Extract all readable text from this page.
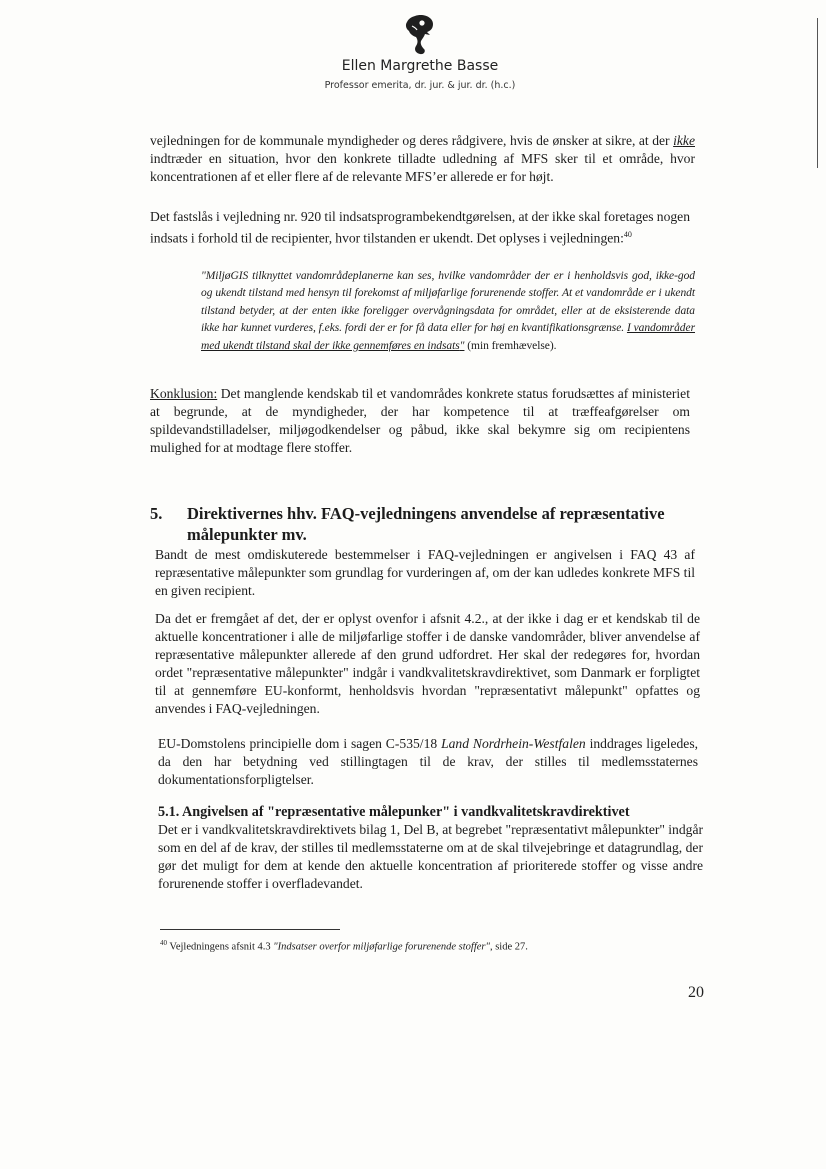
Ellen Margrethe Basse
Professor emerita, dr. jur. & jur. dr. (h.c.)

vejledningen for de kommunale myndigheder og deres rådgivere, hvis de ønsker at sikre, at der ikke indtræder en situation, hvor den konkrete tilladte udledning af MFS sker til et område, hvor koncentrationen af et eller flere af de relevante MFS’er allerede er for højt.

Det fastslås i vejledning nr. 920 til indsatsprogrambekendtgørelsen, at der ikke skal foretages nogen indsats i forhold til de recipienter, hvor tilstanden er ukendt. Det oplyses i vejledningen:$^{40}$

"MiljøGIS tilknyttet vandområdeplanerne kan ses, hvilke vandområder der er i henholdsvis god, ikke-god og ukendt tilstand med hensyn til forekomst af miljøfarlige forurenende stoffer. At et vandområde er i ukendt tilstand betyder, at der enten ikke foreligger overvågningsdata for området, eller at de eksisterende data ikke har kunnet vurderes, f.eks. fordi der er for få data eller for høj en kvantifikationsgrænse. I vandområder med ukendt tilstand skal der ikke gennemføres en indsats" (min fremhævelse).

Konklusion: Det manglende kendskab til et vandområdes konkrete status forudsættes af ministeriet at begrunde, at de myndigheder, der har kompetence til at træffeafgørelser om spildevandstilladelser, miljøgodkendelser og påbud, ikke skal bekymre sig om recipientens mulighed for at modtage flere stoffer.

5. Direktivernes hhv. FAQ-vejledningens anvendelse af repræsentative
målepunkter mv.

Bandt de mest omdiskuterede bestemmelser i FAQ-vejledningen er angivelsen i FAQ 43 af repræsentative målepunkter som grundlag for vurderingen af, om der kan udledes konkrete MFS til en given recipient.

Da det er fremgået af det, der er oplyst ovenfor i afsnit 4.2., at der ikke i dag er et kendskab til de aktuelle koncentrationer i alle de miljøfarlige stoffer i de danske vandområder, bliver anvendelse af repræsentative målepunkter allerede af den grund udfordret. Her skal der redegøres for, hvordan ordet "repræsentative målepunkter" indgår i vandkvalitetskravdirektivet, som Danmark er forpligtet til at gennemføre EU-konformt, henholdsvis hvordan "repræsentativt målepunkt" opfattes og anvendes i FAQ-vejledningen.

EU-Domstolens principielle dom i sagen C-535/18 Land Nordrhein-Westfalen inddrages ligeledes, da den har betydning ved stillingtagen til de krav, der stilles til medlemsstaternes dokumentationsforpligtelser.

5.1. Angivelsen af "repræsentative målepunker" i vandkvalitetskravdirektivet

Det er i vandkvalitetskravdirektivets bilag 1, Del B, at begrebet "repræsentativt målepunkter" indgår som en del af de krav, der stilles til medlemsstaterne om at de skal tilvejebringe et datagrundlag, der gør det muligt for dem at kende den aktuelle koncentration af prioriterede stoffer og visse andre forurenende stoffer i overfladevandet.

$^{40}$ Vejledningens afsnit 4.3 "Indsatser overfor miljøfarlige forurenende stoffer", side 27.

20
